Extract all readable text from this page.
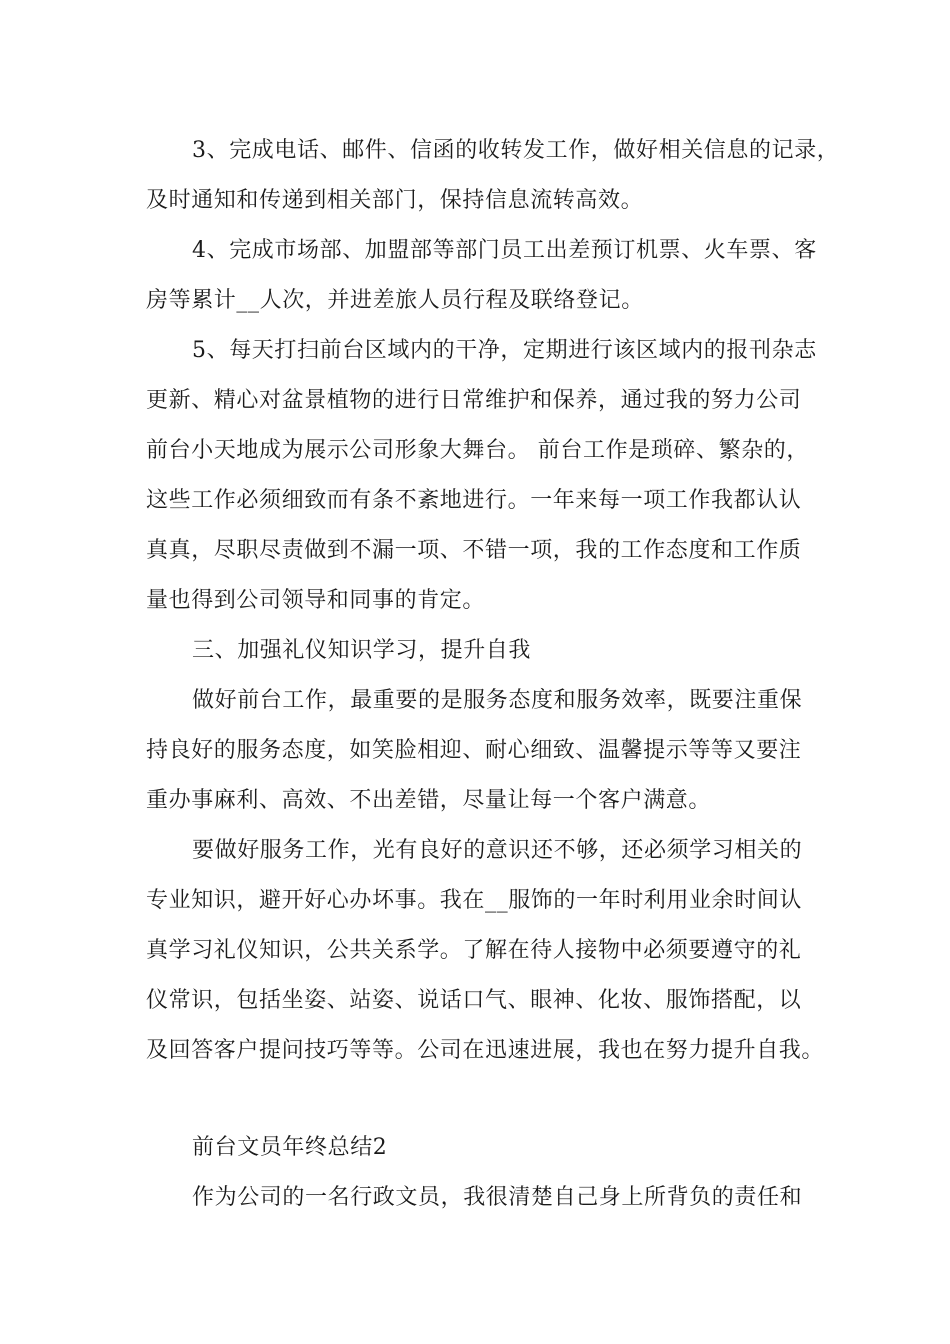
3、完成电话、邮件、信函的收转发工作，做好相关信息的记录，
及时通知和传递到相关部门，保持信息流转高效。
4、完成市场部、加盟部等部门员工出差预订机票、火车票、客
房等累计__人次，并进差旅人员行程及联络登记。
5、每天打扫前台区域内的干净，定期进行该区域内的报刊杂志
更新、精心对盆景植物的进行日常维护和保养，通过我的努力公司
前台小天地成为展示公司形象大舞台。 前台工作是琐碎、繁杂的，
这些工作必须细致而有条不紊地进行。一年来每一项工作我都认认
真真，尽职尽责做到不漏一项、不错一项，我的工作态度和工作质
量也得到公司领导和同事的肯定。
三、加强礼仪知识学习，提升自我
做好前台工作，最重要的是服务态度和服务效率，既要注重保
持良好的服务态度，如笑脸相迎、耐心细致、温馨提示等等又要注
重办事麻利、高效、不出差错，尽量让每一个客户满意。
要做好服务工作，光有良好的意识还不够，还必须学习相关的
专业知识，避开好心办坏事。我在__服饰的一年时利用业余时间认
真学习礼仪知识，公共关系学。了解在待人接物中必须要遵守的礼
仪常识，包括坐姿、站姿、说话口气、眼神、化妆、服饰搭配，以
及回答客户提问技巧等等。公司在迅速进展，我也在努力提升自我。
前台文员年终总结2
作为公司的一名行政文员，我很清楚自己身上所背负的责任和
